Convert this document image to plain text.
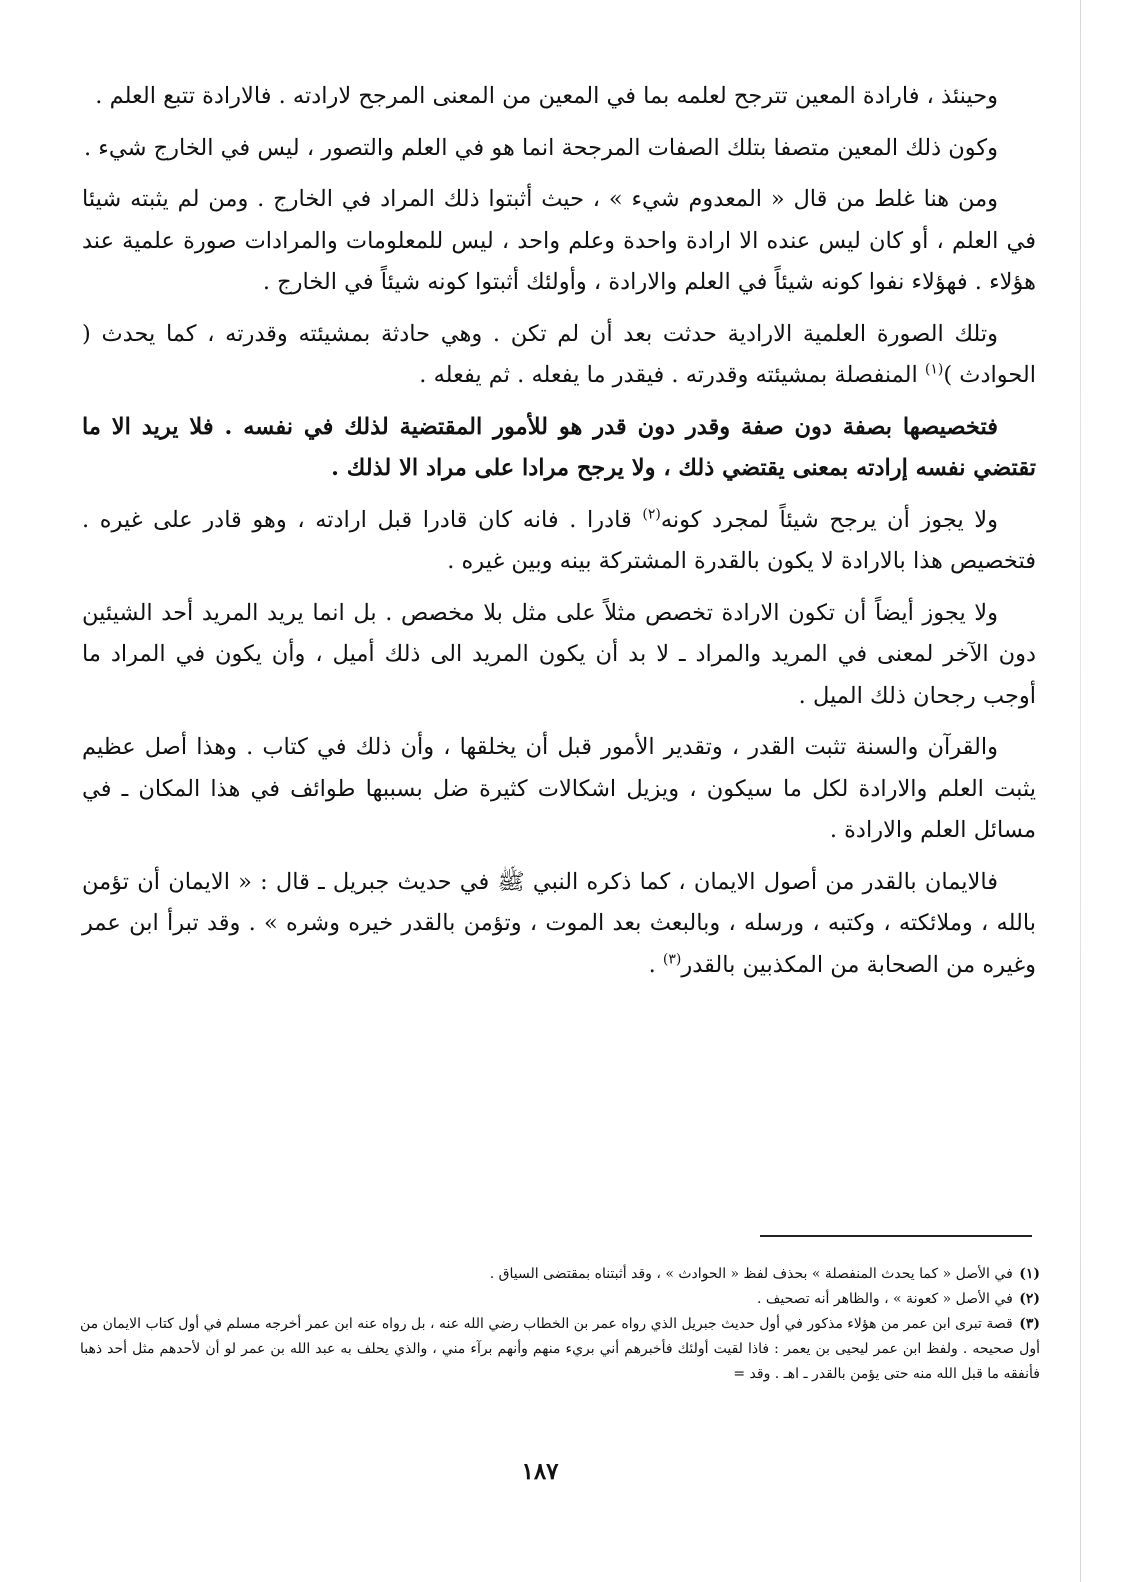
وحينئذ ، فارادة المعين تترجح لعلمه بما في المعين من المعنى المرجح لارادته . فالارادة تتبع العلم .

وكون ذلك المعين متصفا بتلك الصفات المرجحة انما هو في العلم والتصور ، ليس في الخارج شيء .

ومن هنا غلط من قال « المعدوم شيء » ، حيث أثبتوا ذلك المراد في الخارج . ومن لم يثبته شيئا في العلم ، أو كان ليس عنده الا ارادة واحدة وعلم واحد ، ليس للمعلومات والمرادات صورة علمية عند هؤلاء . فهؤلاء نفوا كونه شيئاً في العلم والارادة ، وأولئك أثبتوا كونه شيئاً في الخارج .

وتلك الصورة العلمية الارادية حدثت بعد أن لم تكن . وهي حادثة بمشيئته وقدرته ، كما يحدث ( الحوادث )$^{(١)}$ المنفصلة بمشيئته وقدرته . فيقدر ما يفعله . ثم يفعله .

فتخصيصها بصفة دون صفة وقدر دون قدر هو للأمور المقتضية لذلك في نفسه . فلا يريد الا ما تقتضي نفسه إرادته بمعنى يقتضي ذلك ، ولا يرجح مرادا على مراد الا لذلك .

ولا يجوز أن يرجح شيئاً لمجرد كونه$^{(٢)}$ قادرا . فانه كان قادرا قبل ارادته ، وهو قادر على غيره . فتخصيص هذا بالارادة لا يكون بالقدرة المشتركة بينه وبين غيره .

ولا يجوز أيضاً أن تكون الارادة تخصص مثلاً على مثل بلا مخصص . بل انما يريد المريد أحد الشيئين دون الآخر لمعنى في المريد والمراد ـ لا بد أن يكون المريد الى ذلك أميل ، وأن يكون في المراد ما أوجب رجحان ذلك الميل .

والقرآن والسنة تثبت القدر ، وتقدير الأمور قبل أن يخلقها ، وأن ذلك في كتاب . وهذا أصل عظيم يثبت العلم والارادة لكل ما سيكون ، ويزيل اشكالات كثيرة ضل بسببها طوائف في هذا المكان ـ في مسائل العلم والارادة .

فالايمان بالقدر من أصول الايمان ، كما ذكره النبي ﷺ في حديث جبريل ـ قال : « الايمان أن تؤمن بالله ، وملائكته ، وكتبه ، ورسله ، وبالبعث بعد الموت ، وتؤمن بالقدر خيره وشره » . وقد تبرأ ابن عمر وغيره من الصحابة من المكذبين بالقدر$^{(٣)}$ .

(١) في الأصل « كما يحدث المنفصلة » بحذف لفظ « الحوادث » ، وقد أثبتناه بمقتضى السياق .

(٢) في الأصل « كعونة » ، والظاهر أنه تصحيف .

(٣) قصة تبرى ابن عمر من هؤلاء مذكور في أول حديث جبريل الذي رواه عمر بن الخطاب رضي الله عنه ، بل رواه عنه ابن عمر أخرجه مسلم في أول كتاب الايمان من أول صحيحه . ولفظ ابن عمر ليحيى بن يعمر : فاذا لقيت أولئك فأخبرهم أني بريء منهم وأنهم برآء مني ، والذي يحلف به عبد الله بن عمر لو أن لأحدهم مثل أحد ذهبا فأنفقه ما قبل الله منه حتى يؤمن بالقدر ـ اهـ . وقد =

١٨٧
